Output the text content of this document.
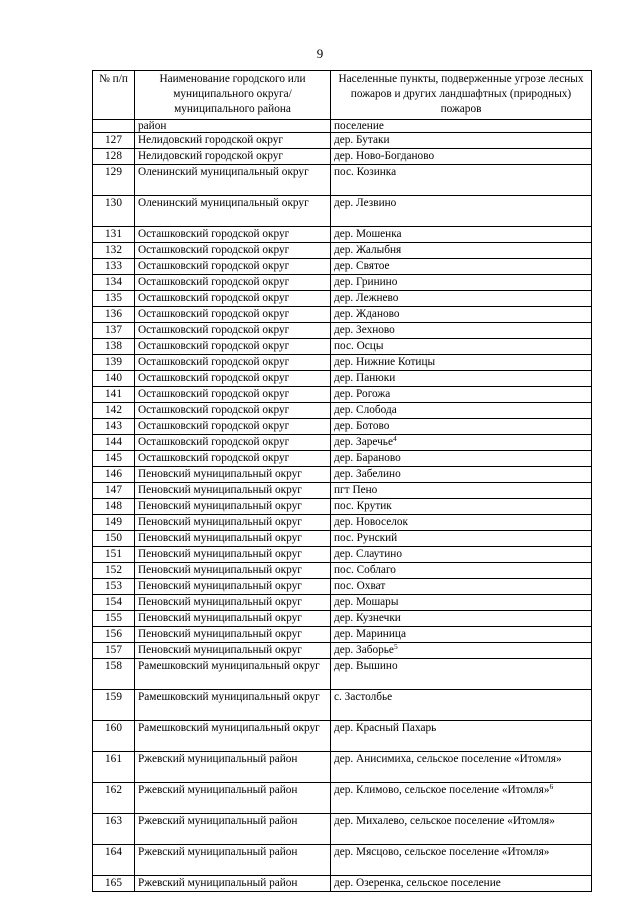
9
№ п/п	Наименование городского или муниципального округа/муниципального района	Населенные пункты, подверженные угрозе лесных пожаров и других ландшафтных (природных) пожаров
	район	поселение
127	Нелидовский городской округ	дер. Бутаки
128	Нелидовский городской округ	дер. Ново-Богданово
129	Оленинский муниципальный округ	пос. Козинка
130	Оленинский муниципальный округ	дер. Лезвино
131	Осташковский городской округ	дер. Мошенка
132	Осташковский городской округ	дер. Жалыбня
133	Осташковский городской округ	дер. Святое
134	Осташковский городской округ	дер. Гринино
135	Осташковский городской округ	дер. Лежнево
136	Осташковский городской округ	дер. Жданово
137	Осташковский городской округ	дер. Зехново
138	Осташковский городской округ	пос. Осцы
139	Осташковский городской округ	дер. Нижние Котицы
140	Осташковский городской округ	дер. Панюки
141	Осташковский городской округ	дер. Рогожа
142	Осташковский городской округ	дер. Слобода
143	Осташковский городской округ	дер. Ботово
144	Осташковский городской округ	дер. Заречье$^4$
145	Осташковский городской округ	дер. Бараново
146	Пеновский муниципальный округ	дер. Забелино
147	Пеновский муниципальный округ	пгт Пено
148	Пеновский муниципальный округ	пос. Крутик
149	Пеновский муниципальный округ	дер. Новоселок
150	Пеновский муниципальный округ	пос. Рунский
151	Пеновский муниципальный округ	дер. Слаутино
152	Пеновский муниципальный округ	пос. Соблаго
153	Пеновский муниципальный округ	пос. Охват
154	Пеновский муниципальный округ	дер. Мошары
155	Пеновский муниципальный округ	дер. Кузнечки
156	Пеновский муниципальный округ	дер. Мариница
157	Пеновский муниципальный округ	дер. Заборье$^5$
158	Рамешковский муниципальный округ	дер. Вышино
159	Рамешковский муниципальный округ	с. Застолбье
160	Рамешковский муниципальный округ	дер. Красный Пахарь
161	Ржевский муниципальный район	дер. Анисимиха, сельское поселение «Итомля»
162	Ржевский муниципальный район	дер. Климово, сельское поселение «Итомля»$^6$
163	Ржевский муниципальный район	дер. Михалево, сельское поселение «Итомля»
164	Ржевский муниципальный район	дер. Мясцово, сельское поселение «Итомля»
165	Ржевский муниципальный район	дер. Озеренка, сельское поселение
